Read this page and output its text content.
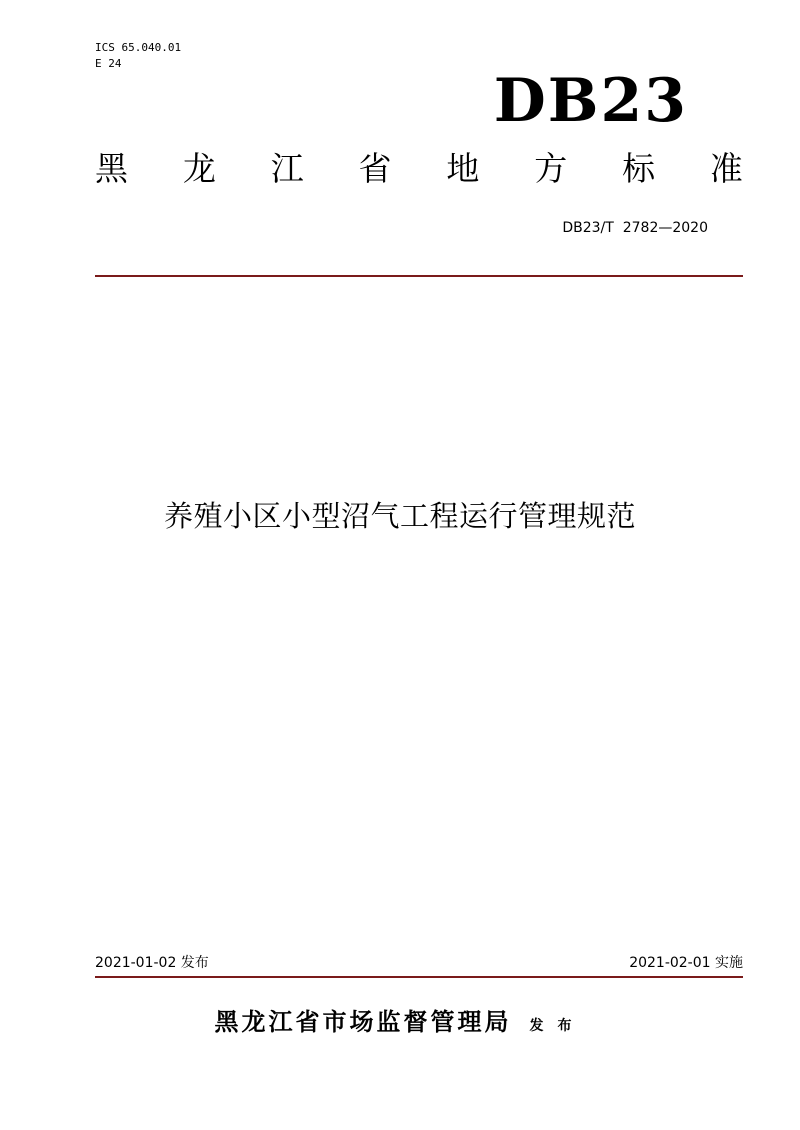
ICS 65.040.01
E 24
DB23
黑 龙 江 省 地 方 标 准
DB23/T  2782—2020
养殖小区小型沼气工程运行管理规范
2021-01-02 发布	2021-02-01 实施
黑龙江省市场监督管理局 发布
